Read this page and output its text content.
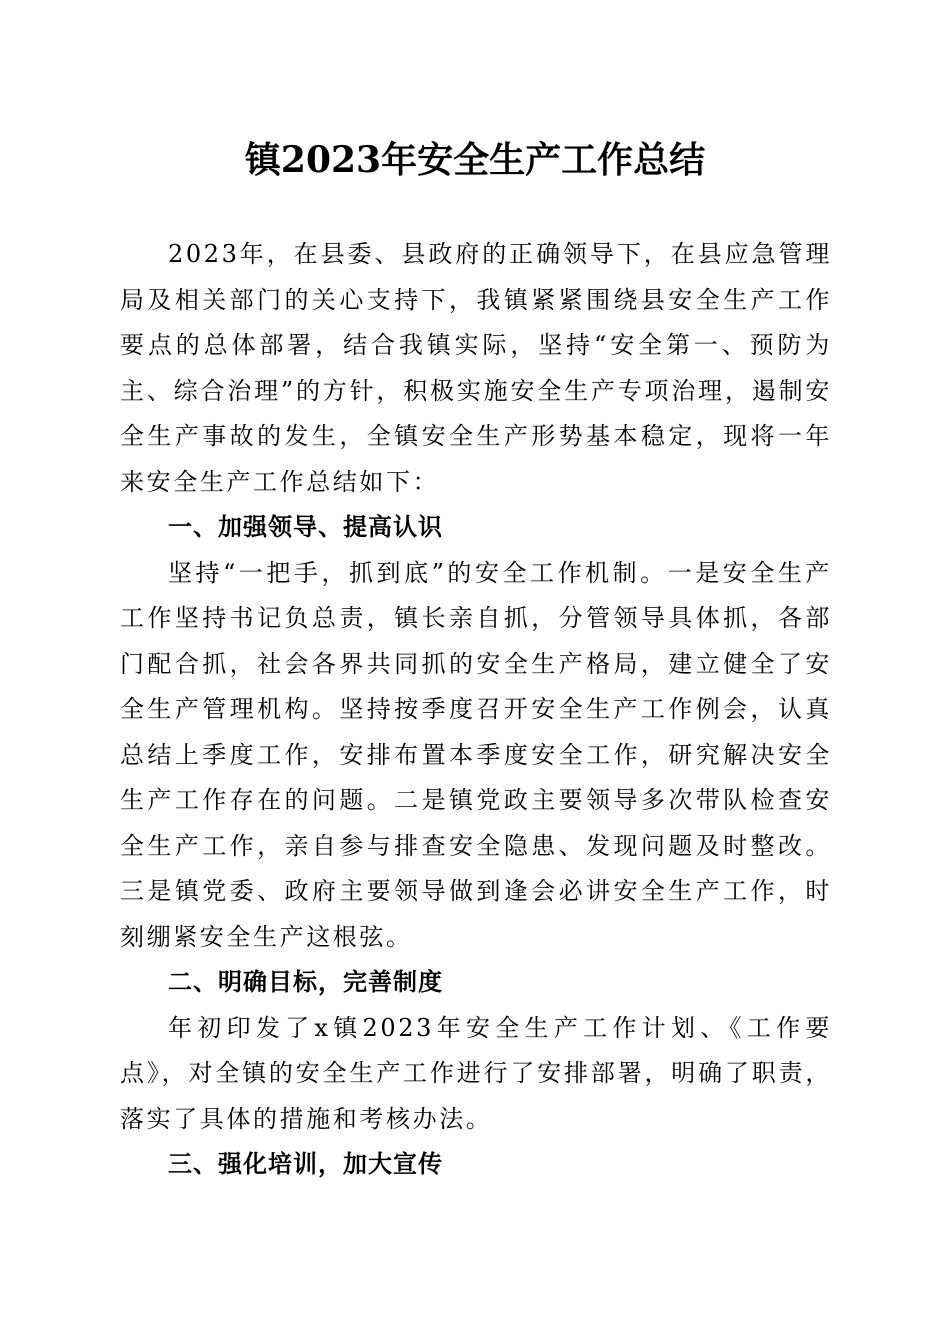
镇2023年安全生产工作总结

2023年，在县委、县政府的正确领导下，在县应急管理局及相关部门的关心支持下，我镇紧紧围绕县安全生产工作要点的总体部署，结合我镇实际，坚持“安全第一、预防为主、综合治理”的方针，积极实施安全生产专项治理，遏制安全生产事故的发生，全镇安全生产形势基本稳定，现将一年来安全生产工作总结如下：

一、加强领导、提高认识

坚持“一把手，抓到底”的安全工作机制。一是安全生产工作坚持书记负总责，镇长亲自抓，分管领导具体抓，各部门配合抓，社会各界共同抓的安全生产格局，建立健全了安全生产管理机构。坚持按季度召开安全生产工作例会，认真总结上季度工作，安排布置本季度安全工作，研究解决安全生产工作存在的问题。二是镇党政主要领导多次带队检查安全生产工作，亲自参与排查安全隐患、发现问题及时整改。三是镇党委、政府主要领导做到逢会必讲安全生产工作，时刻绷紧安全生产这根弦。

二、明确目标，完善制度

年初印发了x镇2023年安全生产工作计划、《工作要点》，对全镇的安全生产工作进行了安排部署，明确了职责，落实了具体的措施和考核办法。

三、强化培训，加大宣传
